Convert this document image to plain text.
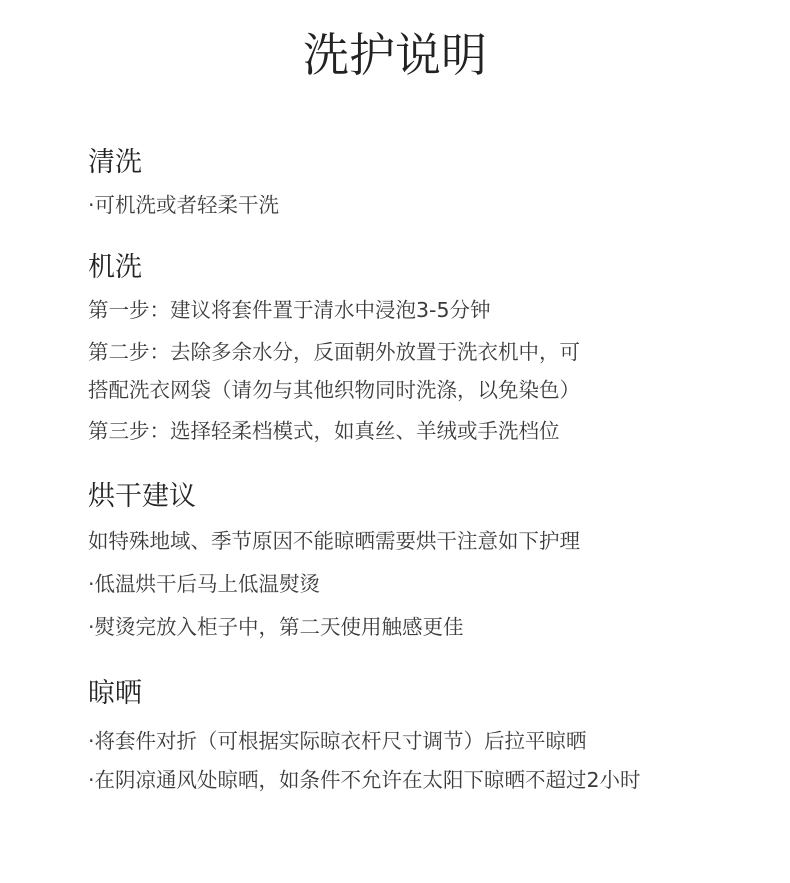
洗护说明
清洗
·可机洗或者轻柔干洗
机洗
第一步：建议将套件置于清水中浸泡3-5分钟
第二步：去除多余水分，反面朝外放置于洗衣机中，可
搭配洗衣网袋（请勿与其他织物同时洗涤，以免染色）
第三步：选择轻柔档模式，如真丝、羊绒或手洗档位
烘干建议
如特殊地域、季节原因不能晾晒需要烘干注意如下护理
·低温烘干后马上低温熨烫
·熨烫完放入柜子中，第二天使用触感更佳
晾晒
·将套件对折（可根据实际晾衣杆尺寸调节）后拉平晾晒
·在阴凉通风处晾晒，如条件不允许在太阳下晾晒不超过2小时
